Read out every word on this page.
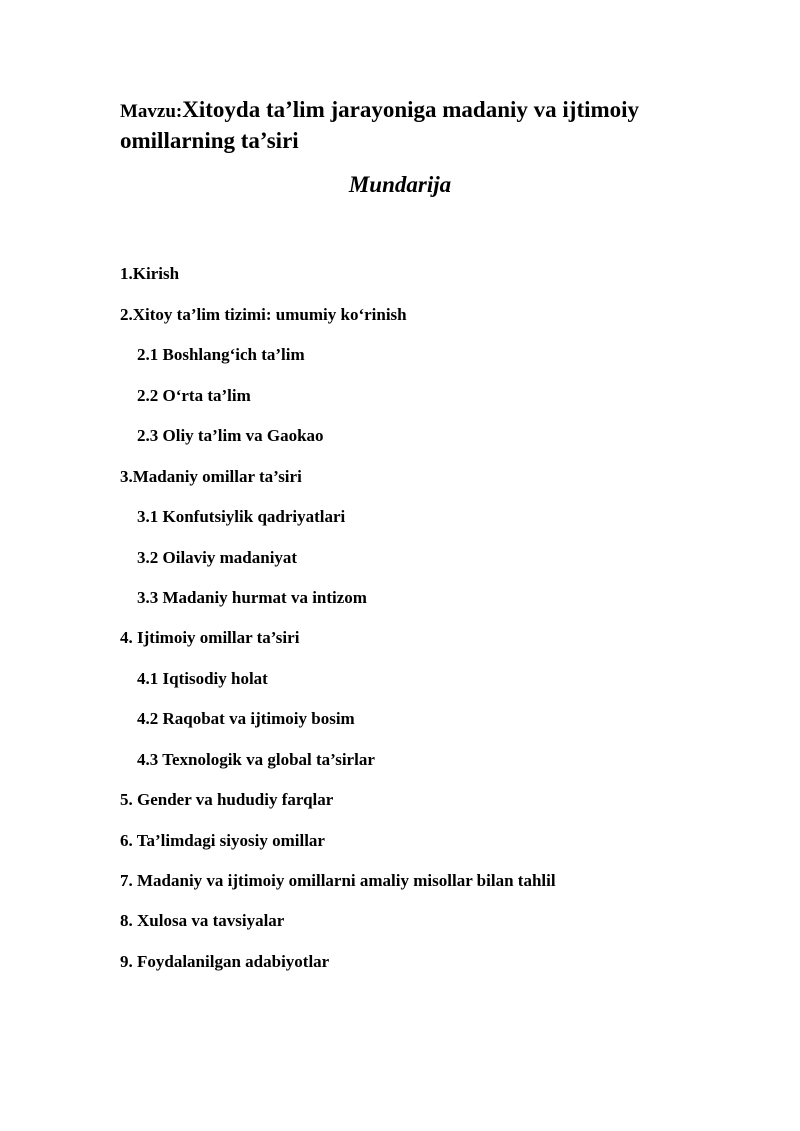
Mavzu:Xitoyda ta’lim jarayoniga madaniy va ijtimoiy omillarning ta’siri
Mundarija
1.Kirish
2.Xitoy ta’lim tizimi: umumiy ko‘rinish
2.1 Boshlang‘ich ta’lim
2.2 O‘rta ta’lim
2.3 Oliy ta’lim va Gaokao
3.Madaniy omillar ta’siri
3.1 Konfutsiylik qadriyatlari
3.2 Oilaviy madaniyat
3.3 Madaniy hurmat va intizom
4. Ijtimoiy omillar ta’siri
4.1 Iqtisodiy holat
4.2 Raqobat va ijtimoiy bosim
4.3 Texnologik va global ta’sirlar
5. Gender va hududiy farqlar
6. Ta’limdagi siyosiy omillar
7. Madaniy va ijtimoiy omillarni amaliy misollar bilan tahlil
8. Xulosa va tavsiyalar
9. Foydalanilgan adabiyotlar
